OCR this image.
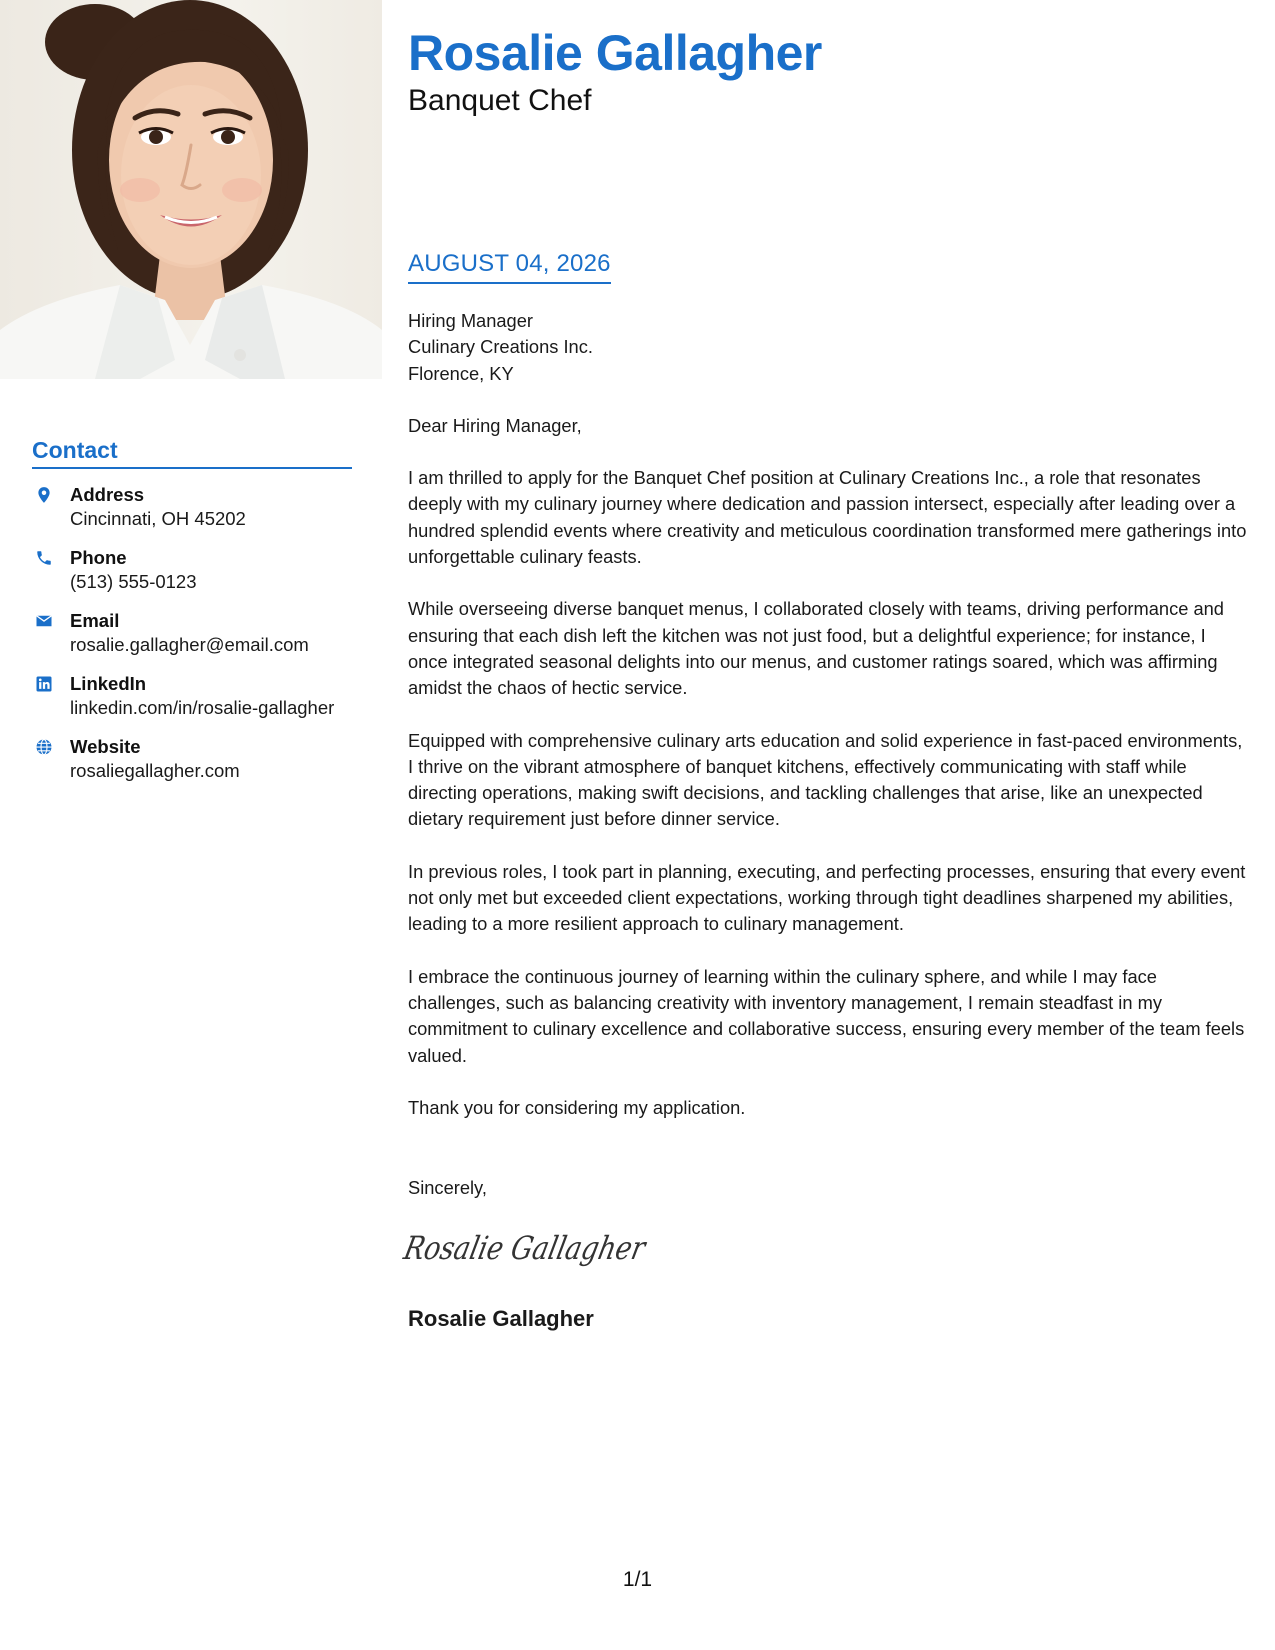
Rosalie Gallagher

Banquet Chef

Contact
Address
Cincinnati, OH 45202
Phone
(513) 555-0123
Email
rosalie.gallagher@email.com
LinkedIn
linkedin.com/in/rosalie-gallagher
Website
rosaliegallagher.com
AUGUST 04, 2026

Hiring Manager

Culinary Creations Inc.

Florence, KY

Dear Hiring Manager,

I am thrilled to apply for the Banquet Chef position at Culinary Creations Inc., a role that resonates deeply with my culinary journey where dedication and passion intersect, especially after leading over a hundred splendid events where creativity and meticulous coordination transformed mere gatherings into unforgettable culinary feasts.

While overseeing diverse banquet menus, I collaborated closely with teams, driving performance and ensuring that each dish left the kitchen was not just food, but a delightful experience; for instance, I once integrated seasonal delights into our menus, and customer ratings soared, which was affirming amidst the chaos of hectic service.

Equipped with comprehensive culinary arts education and solid experience in fast-paced environments, I thrive on the vibrant atmosphere of banquet kitchens, effectively communicating with staff while directing operations, making swift decisions, and tackling challenges that arise, like an unexpected dietary requirement just before dinner service.

In previous roles, I took part in planning, executing, and perfecting processes, ensuring that every event not only met but exceeded client expectations, working through tight deadlines sharpened my abilities, leading to a more resilient approach to culinary management.

I embrace the continuous journey of learning within the culinary sphere, and while I may face challenges, such as balancing creativity with inventory management, I remain steadfast in my commitment to culinary excellence and collaborative success, ensuring every member of the team feels valued.

Thank you for considering my application.

Sincerely,

Rosalie Gallagher
Rosalie Gallagher
1/1
